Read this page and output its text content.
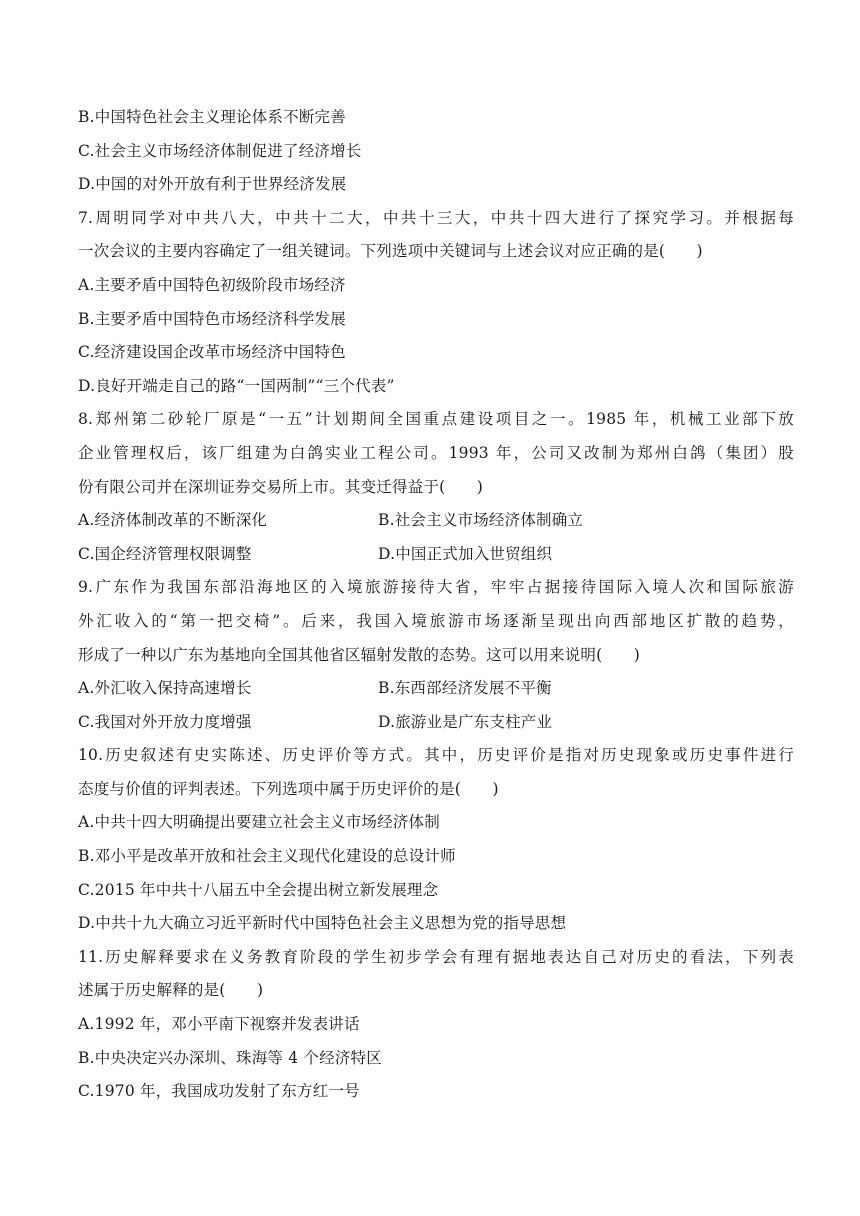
B.中国特色社会主义理论体系不断完善
C.社会主义市场经济体制促进了经济增长
D.中国的对外开放有利于世界经济发展
7.周明同学对中共八大，中共十二大，中共十三大，中共十四大进行了探究学习。并根据每
一次会议的主要内容确定了一组关键词。下列选项中关键词与上述会议对应正确的是(　　)
A.主要矛盾中国特色初级阶段市场经济
B.主要矛盾中国特色市场经济科学发展
C.经济建设国企改革市场经济中国特色
D.良好开端走自己的路“一国两制”“三个代表”
8.郑州第二砂轮厂原是“一五”计划期间全国重点建设项目之一。1985 年，机械工业部下放
企业管理权后，该厂组建为白鸽实业工程公司。1993 年，公司又改制为郑州白鸽（集团）股
份有限公司并在深圳证券交易所上市。其变迁得益于(　　)
A.经济体制改革的不断深化	B.社会主义市场经济体制确立
C.国企经济管理权限调整	D.中国正式加入世贸组织
9.广东作为我国东部沿海地区的入境旅游接待大省，牢牢占据接待国际入境人次和国际旅游
外汇收入的“第一把交椅”。后来，我国入境旅游市场逐渐呈现出向西部地区扩散的趋势，
形成了一种以广东为基地向全国其他省区辐射发散的态势。这可以用来说明(　　)
A.外汇收入保持高速增长	B.东西部经济发展不平衡
C.我国对外开放力度增强	D.旅游业是广东支柱产业
10.历史叙述有史实陈述、历史评价等方式。其中，历史评价是指对历史现象或历史事件进行
态度与价值的评判表述。下列选项中属于历史评价的是(　　)
A.中共十四大明确提出要建立社会主义市场经济体制
B.邓小平是改革开放和社会主义现代化建设的总设计师
C.2015 年中共十八届五中全会提出树立新发展理念
D.中共十九大确立习近平新时代中国特色社会主义思想为党的指导思想
11.历史解释要求在义务教育阶段的学生初步学会有理有据地表达自己对历史的看法，下列表
述属于历史解释的是(　　)
A.1992 年，邓小平南下视察并发表讲话
B.中央决定兴办深圳、珠海等 4 个经济特区
C.1970 年，我国成功发射了东方红一号
